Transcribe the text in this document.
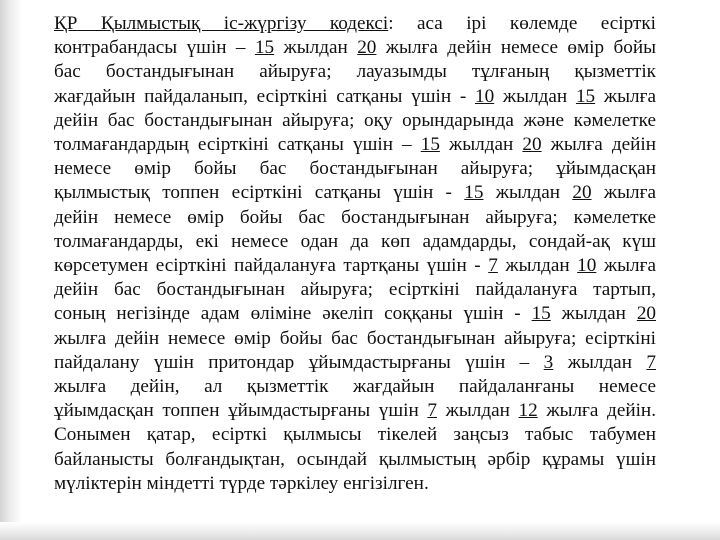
ҚР Қылмыстық іс-жүргізу кодексі: аса ірі көлемде есірткі
контрабандасы үшін – 15 жылдан 20 жылға дейін немесе өмір бойы
бас бостандығынан айыруға; лауазымды тұлғаның қызметтік
жағдайын пайдаланып, есірткіні сатқаны үшін - 10 жылдан 15 жылға
дейін бас бостандығынан айыруға; оқу орындарында және кәмелетке
толмағандардың есірткіні сатқаны үшін – 15 жылдан 20 жылға дейін
немесе өмір бойы бас бостандығынан айыруға; ұйымдасқан
қылмыстық топпен есірткіні сатқаны үшін - 15 жылдан 20 жылға
дейін немесе өмір бойы бас бостандығынан айыруға; кәмелетке
толмағандарды, екі немесе одан да көп адамдарды, сондай-ақ күш
көрсетумен есірткіні пайдалануға тартқаны үшін - 7 жылдан 10 жылға
дейін бас бостандығынан айыруға; есірткіні пайдалануға тартып,
соның негізінде адам өліміне әкеліп соққаны үшін - 15 жылдан 20
жылға дейін немесе өмір бойы бас бостандығынан айыруға; есірткіні
пайдалану үшін притондар ұйымдастырғаны үшін – 3 жылдан 7
жылға дейін, ал қызметтік жағдайын пайдаланғаны немесе
ұйымдасқан топпен ұйымдастырғаны үшін 7 жылдан 12 жылға дейін.
Сонымен қатар, есірткі қылмысы тікелей заңсыз табыс табумен
байланысты болғандықтан, осындай қылмыстың әрбір құрамы үшін
мүліктерін міндетті түрде тәркілеу енгізілген.
